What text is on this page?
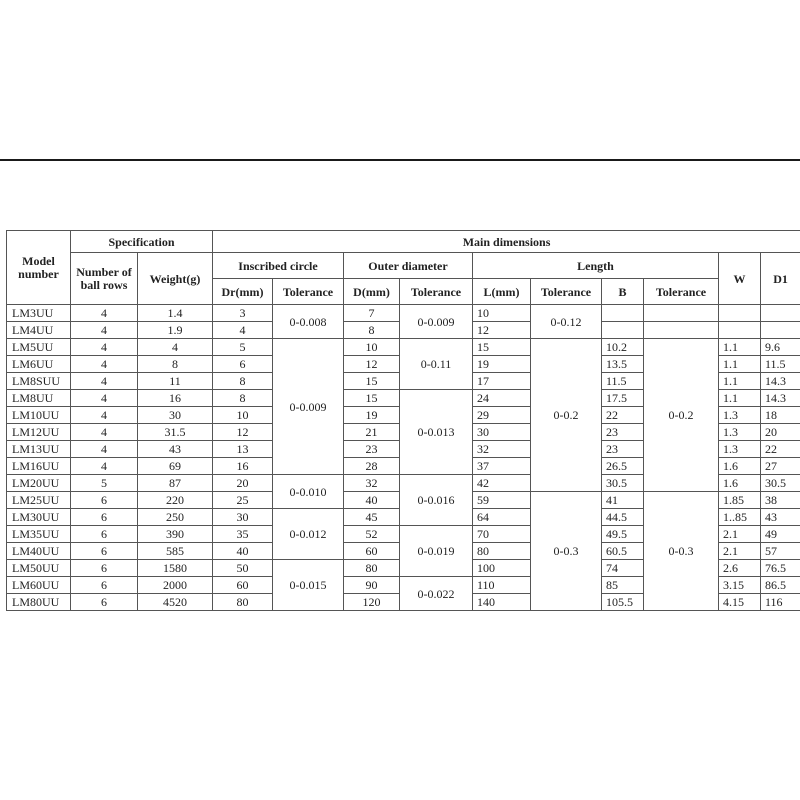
Model number	Specification		Main dimensions									
	Number of ball rows	Weight(g)	Inscribed circle		Outer diameter		Length				W	D1
			Dr(mm)	Tolerance	D(mm)	Tolerance	L(mm)	Tolerance	B	Tolerance		
LM3UU	4	1.4	3	0-0.008	7	0-0.009	10	0-0.12				
LM4UU	4	1.9	4		8		12					
LM5UU	4	4	5	0-0.009	10	0-0.11	15	0-0.2	10.2	0-0.2	1.1	9.6
LM6UU	4	8	6		12		19		13.5		1.1	11.5
LM8SUU	4	11	8		15		17		11.5		1.1	14.3
LM8UU	4	16	8		15	0-0.013	24		17.5		1.1	14.3
LM10UU	4	30	10		19		29		22		1.3	18
LM12UU	4	31.5	12		21		30		23		1.3	20
LM13UU	4	43	13		23		32		23		1.3	22
LM16UU	4	69	16		28		37		26.5		1.6	27
LM20UU	5	87	20	0-0.010	32	0-0.016	42		30.5		1.6	30.5
LM25UU	6	220	25		40		59	0-0.3	41	0-0.3	1.85	38
LM30UU	6	250	30	0-0.012	45		64		44.5		1..85	43
LM35UU	6	390	35		52	0-0.019	70		49.5		2.1	49
LM40UU	6	585	40		60		80		60.5		2.1	57
LM50UU	6	1580	50	0-0.015	80		100		74		2.6	76.5
LM60UU	6	2000	60		90	0-0.022	110		85		3.15	86.5
LM80UU	6	4520	80		120		140		105.5		4.15	116
